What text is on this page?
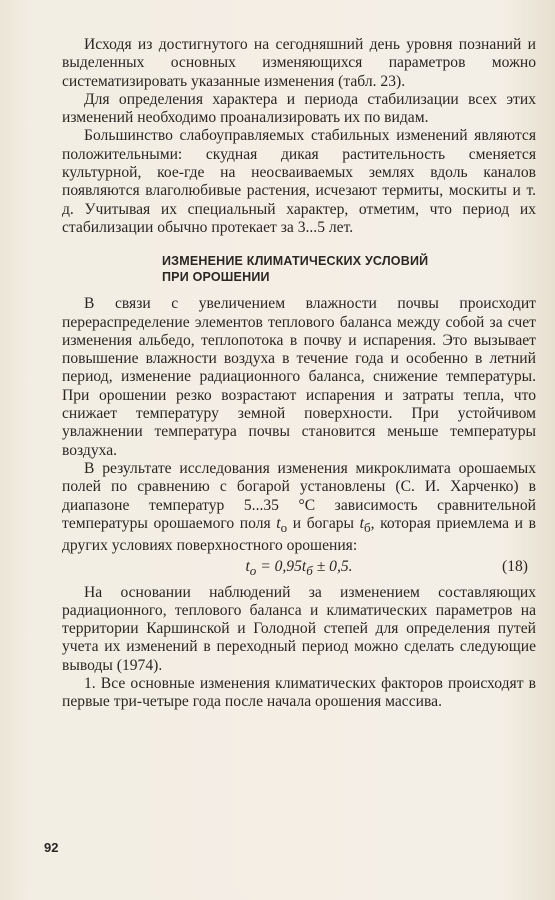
Исходя из достигнутого на сегодняшний день уровня познаний и выделенных основных изменяющихся параметров можно систематизировать указанные изменения (табл. 23).

Для определения характера и периода стабилизации всех этих изменений необходимо проанализировать их по видам.

Большинство слабоуправляемых стабильных изменений являются положительными: скудная дикая растительность сменяется культурной, кое-где на неосваиваемых землях вдоль каналов появляются влаголюбивые растения, исчезают термиты, москиты и т. д. Учитывая их специальный характер, отметим, что период их стабилизации обычно протекает за 3...5 лет.

ИЗМЕНЕНИЕ КЛИМАТИЧЕСКИХ УСЛОВИЙ
ПРИ ОРОШЕНИИ

В связи с увеличением влажности почвы происходит перераспределение элементов теплового баланса между собой за счет изменения альбедо, теплопотока в почву и испарения. Это вызывает повышение влажности воздуха в течение года и особенно в летний период, изменение радиационного баланса, снижение температуры. При орошении резко возрастают испарения и затраты тепла, что снижает температуру земной поверхности. При устойчивом увлажнении температура почвы становится меньше температуры воздуха.

В результате исследования изменения микроклимата орошаемых полей по сравнению с богарой установлены (С. И. Харченко) в диапазоне температур 5...35 °С зависимость сравнительной температуры орошаемого поля $t_о$ и богары $t_б$, которая приемлема и в других условиях поверхностного орошения:

$t_о = 0,95t_б \pm 0,5$.	(18)

На основании наблюдений за изменением составляющих радиационного, теплового баланса и климатических параметров на территории Каршинской и Голодной степей для определения путей учета их изменений в переходный период можно сделать следующие выводы (1974).

1. Все основные изменения климатических факторов происходят в первые три-четыре года после начала орошения массива.

92
